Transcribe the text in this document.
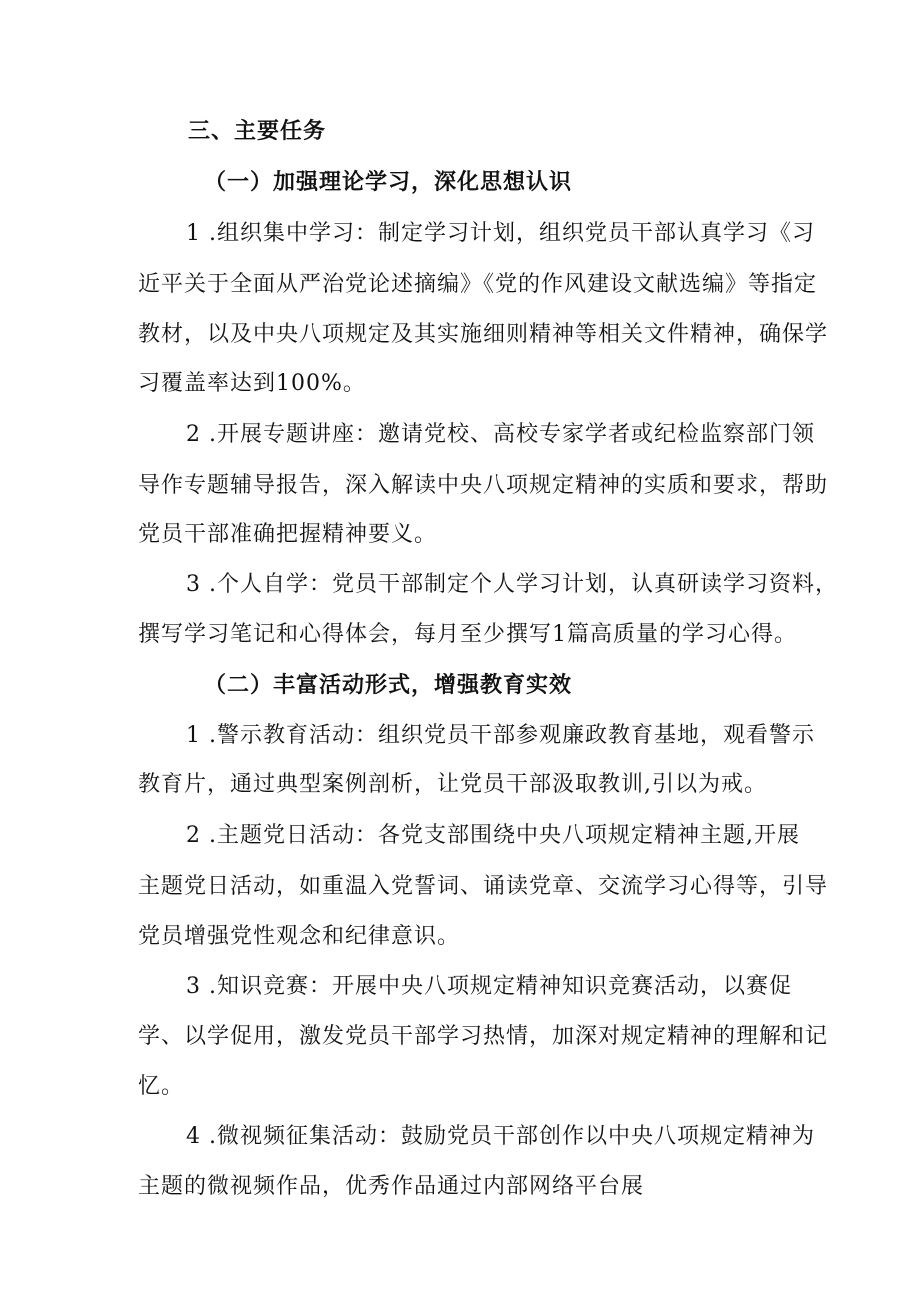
三、主要任务
（一）加强理论学习，深化思想认识
1 .组织集中学习：制定学习计划，组织党员干部认真学习《习
近平关于全面从严治党论述摘编》《党的作风建设文献选编》等指定
教材，以及中央八项规定及其实施细则精神等相关文件精神，确保学
习覆盖率达到100%。
2 .开展专题讲座：邀请党校、高校专家学者或纪检监察部门领
导作专题辅导报告，深入解读中央八项规定精神的实质和要求，帮助
党员干部准确把握精神要义。
3 .个人自学：党员干部制定个人学习计划，认真研读学习资料，
撰写学习笔记和心得体会，每月至少撰写1篇高质量的学习心得。
（二）丰富活动形式，增强教育实效
1 .警示教育活动：组织党员干部参观廉政教育基地，观看警示
教育片，通过典型案例剖析，让党员干部汲取教训,引以为戒。
2 .主题党日活动：各党支部围绕中央八项规定精神主题,开展
主题党日活动，如重温入党誓词、诵读党章、交流学习心得等，引导
党员增强党性观念和纪律意识。
3 .知识竞赛：开展中央八项规定精神知识竞赛活动，以赛促
学、以学促用，激发党员干部学习热情，加深对规定精神的理解和记
忆。
4 .微视频征集活动：鼓励党员干部创作以中央八项规定精神为
主题的微视频作品，优秀作品通过内部网络平台展
